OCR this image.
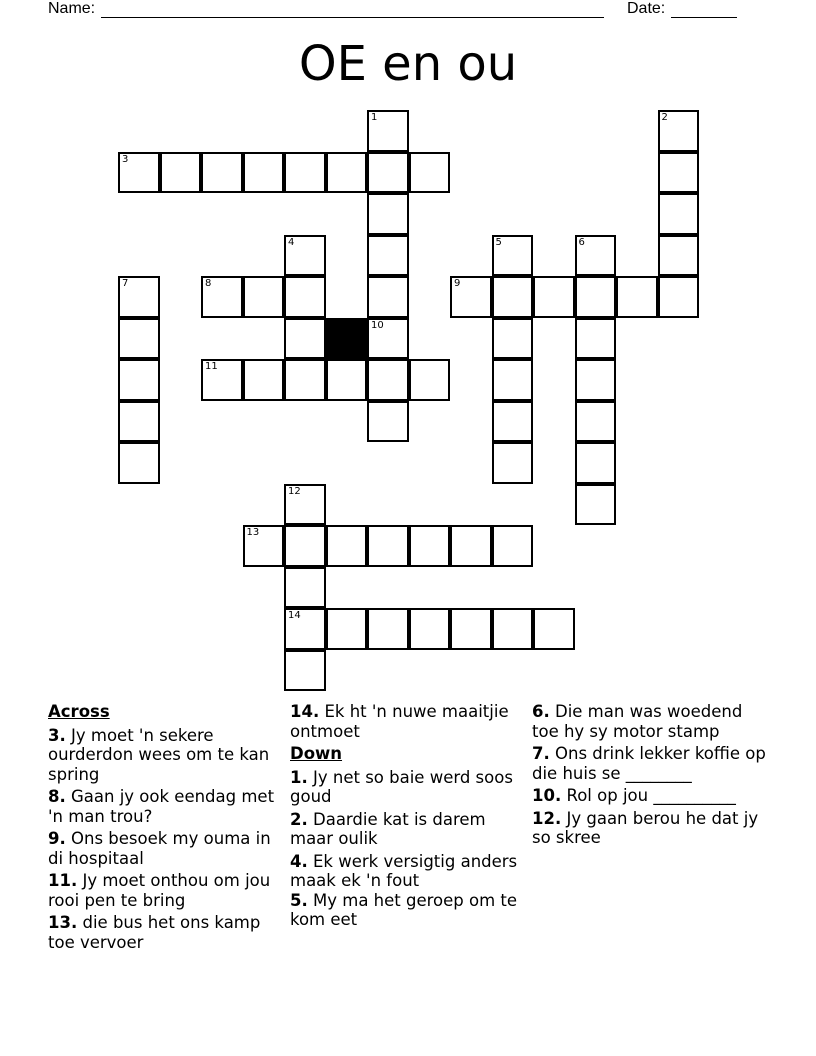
Name:	Date:
OE en ou
3
8	9
11
13
14
1	2
4	5	6
7
10
12
Across
3. Jy moet 'n sekere ourderdon wees om te kan spring
8. Gaan jy ook eendag met 'n man trou?
9. Ons besoek my ouma in di hospitaal
11. Jy moet onthou om jou rooi pen te bring
13. die bus het ons kamp toe vervoer
14. Ek ht 'n nuwe maaitjie ontmoet
Down
1. Jy net so baie werd soos goud
2. Daardie kat is darem maar oulik
4. Ek werk versigtig anders maak ek 'n fout
5. My ma het geroep om te kom eet
6. Die man was woedend toe hy sy motor stamp
7. Ons drink lekker koffie op die huis se ________
10. Rol op jou __________
12. Jy gaan berou he dat jy so skree
